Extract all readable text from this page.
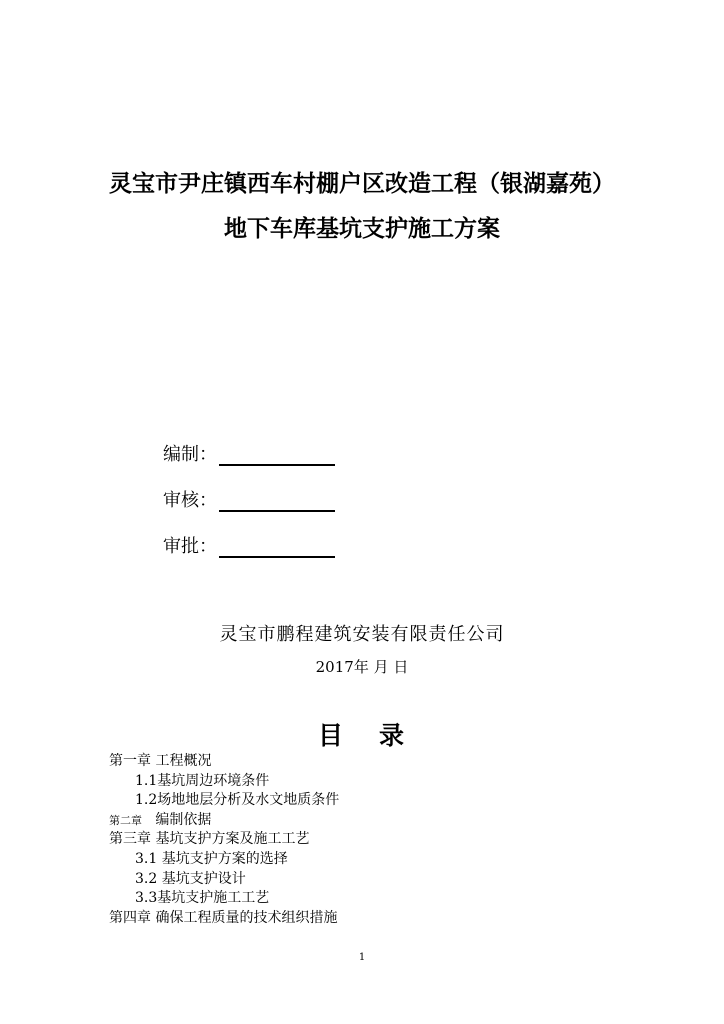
灵宝市尹庄镇西车村棚户区改造工程（银湖嘉苑）
地下车库基坑支护施工方案
编制：
审核：
审批：
灵宝市鹏程建筑安装有限责任公司
2017年 月 日
目录
第一章 工程概况
1.1基坑周边环境条件
1.2场地地层分析及水文地质条件
第二章   编制依据
第三章 基坑支护方案及施工工艺
3.1 基坑支护方案的选择
3.2 基坑支护设计
3.3基坑支护施工工艺
第四章 确保工程质量的技术组织措施
1
